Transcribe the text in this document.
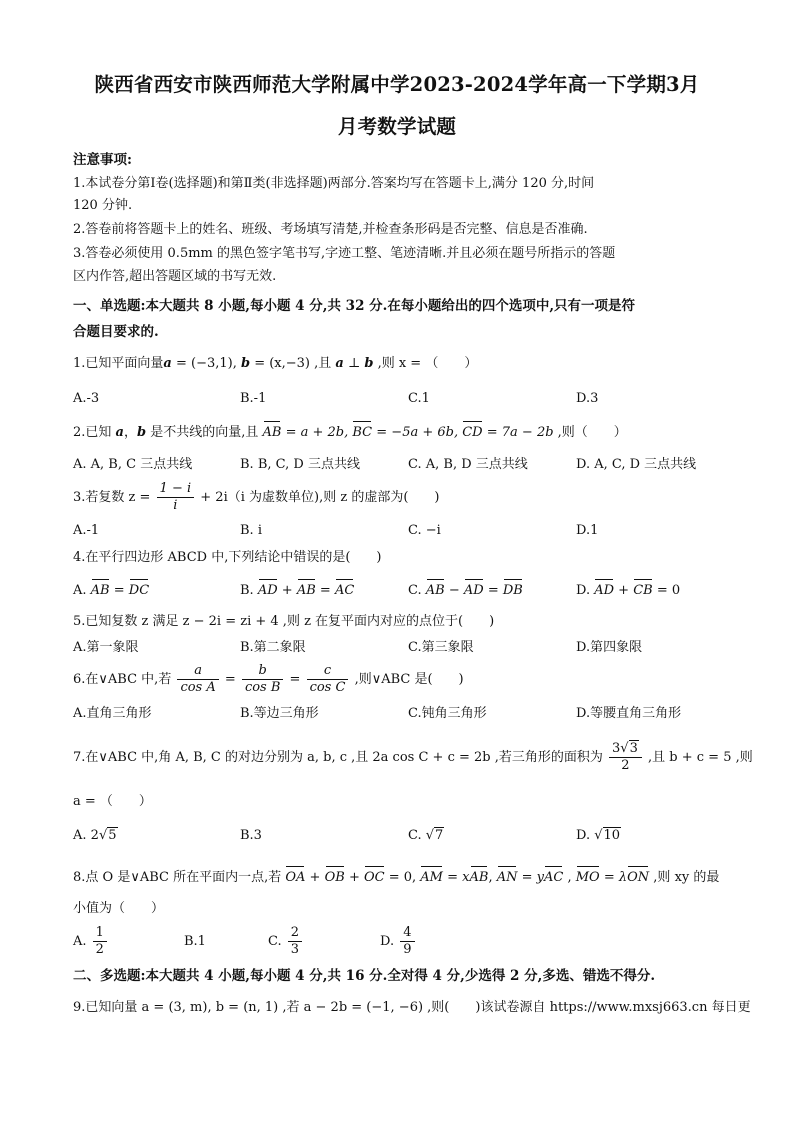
陕西省西安市陕西师范大学附属中学2023-2024学年高一下学期3月
月考数学试题
注意事项:
1.本试卷分第Ⅰ卷(选择题)和第Ⅱ类(非选择题)两部分.答案均写在答题卡上,满分 120 分,时间
120 分钟.
2.答卷前将答题卡上的姓名、班级、考场填写清楚,并检查条形码是否完整、信息是否准确.
3.答卷必须使用 0.5mm 的黑色签字笔书写,字迹工整、笔迹清晰.并且必须在题号所指示的答题
区内作答,超出答题区域的书写无效.
一、单选题:本大题共 8 小题,每小题 4 分,共 32 分.在每小题给出的四个选项中,只有一项是符
合题目要求的.
1.已知平面向量a = (−3,1), b = (x,−3) ,且 a ⊥ b ,则 x = （　　）
A.-3	B.-1	C.1	D.3
2.已知 a，b 是不共线的向量,且 AB = a + 2b, BC = −5a + 6b, CD = 7a − 2b ,则（　　）
A. A, B, C 三点共线	B. B, C, D 三点共线	C. A, B, D 三点共线	D. A, C, D 三点共线
3.若复数 $z = \frac{1 - i}{i} + 2i(i$ 为虚数单位),则 z 的虚部为(　　)
A.-1	B. i	C. −i	D.1
4.在平行四边形 ABCD 中,下列结论中错误的是(　　)
A. AB = DC	B. AD + AB = AC	C. AB − AD = DB	D. AD + CB = 0
5.已知复数 z 满足 z − 2i = zi + 4 ,则 z 在复平面内对应的点位于(　　)
A.第一象限	B.第二象限	C.第三象限	D.第四象限
6.在∨ABC 中,若 $\frac{a}{\text{cos A}} = \frac{b}{\text{cos B}} = \frac{c}{\text{cos C}}$ ,则∨ABC 是(　　)
A.直角三角形	B.等边三角形	C.钝角三角形	D.等腰直角三角形
7.在∨ABC 中,角 A, B, C 的对边分别为 a, b, c ,且 2a cos C + c = 2b ,若三角形的面积为 $\frac{3√3}{2}$ ,且 b + c = 5 ,则
a = （　　）
A. 2√5	B.3	C. √7	D. √10
8.点 O 是∨ABC 所在平面内一点,若 OA + OB + OC = 0, AM = xAB, AN = yAC , MO = λON ,则 xy 的最
小值为（　　）
A. $\frac{1}{2}$	B.1	C. $\frac{2}{3}$	D. $\frac{4}{9}$
二、多选题:本大题共 4 小题,每小题 4 分,共 16 分.全对得 4 分,少选得 2 分,多选、错选不得分.
9.已知向量 a = (3, m), b = (n, 1) ,若 a − 2b = (−1, −6) ,则(　　)该试卷源自 https://www.mxsj663.cn 每日更
